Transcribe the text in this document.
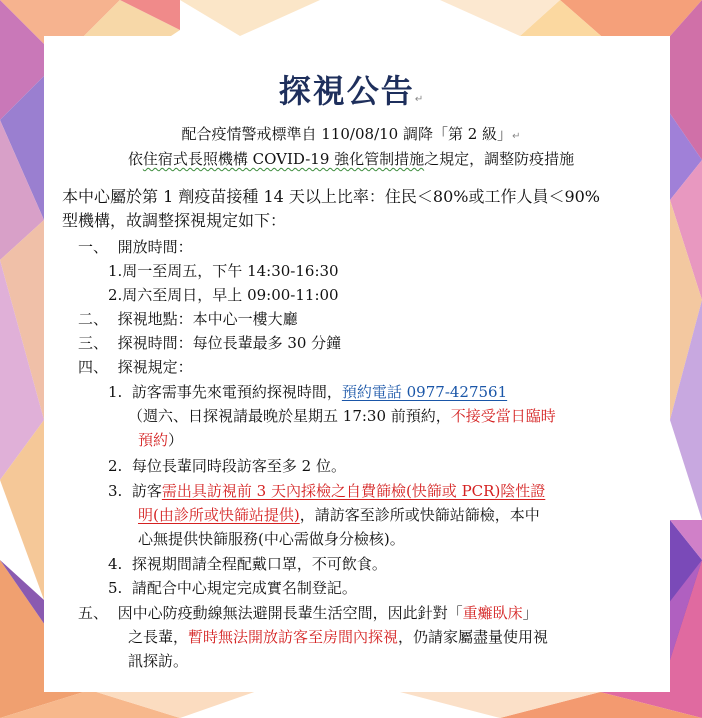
探視公告↵
配合疫情警戒標準自 110/08/10 調降「第 2 級」↵
依住宿式長照機構 COVID-19 強化管制措施之規定，調整防疫措施
本中心屬於第 1 劑疫苗接種 14 天以上比率：住民＜80%或工作人員＜90%
型機構，故調整探視規定如下：
一、 開放時間：
1.周一至周五，下午 14:30-16:30
2.周六至周日，早上 09:00-11:00
二、 探視地點：本中心一樓大廳
三、 探視時間：每位長輩最多 30 分鐘
四、 探視規定：
1. 訪客需事先來電預約探視時間，預約電話 0977-427561
（週六、日探視請最晚於星期五 17:30 前預約，不接受當日臨時
預約）
2. 每位長輩同時段訪客至多 2 位。
3. 訪客需出具訪視前 3 天內採檢之自費篩檢(快篩或 PCR)陰性證
明(由診所或快篩站提供)，請訪客至診所或快篩站篩檢，本中
心無提供快篩服務(中心需做身分檢核)。
4. 探視期間請全程配戴口罩，不可飲食。
5. 請配合中心規定完成實名制登記。
五、 因中心防疫動線無法避開長輩生活空間，因此針對「重癱臥床」
之長輩，暫時無法開放訪客至房間內探視，仍請家屬盡量使用視
訊探訪。
